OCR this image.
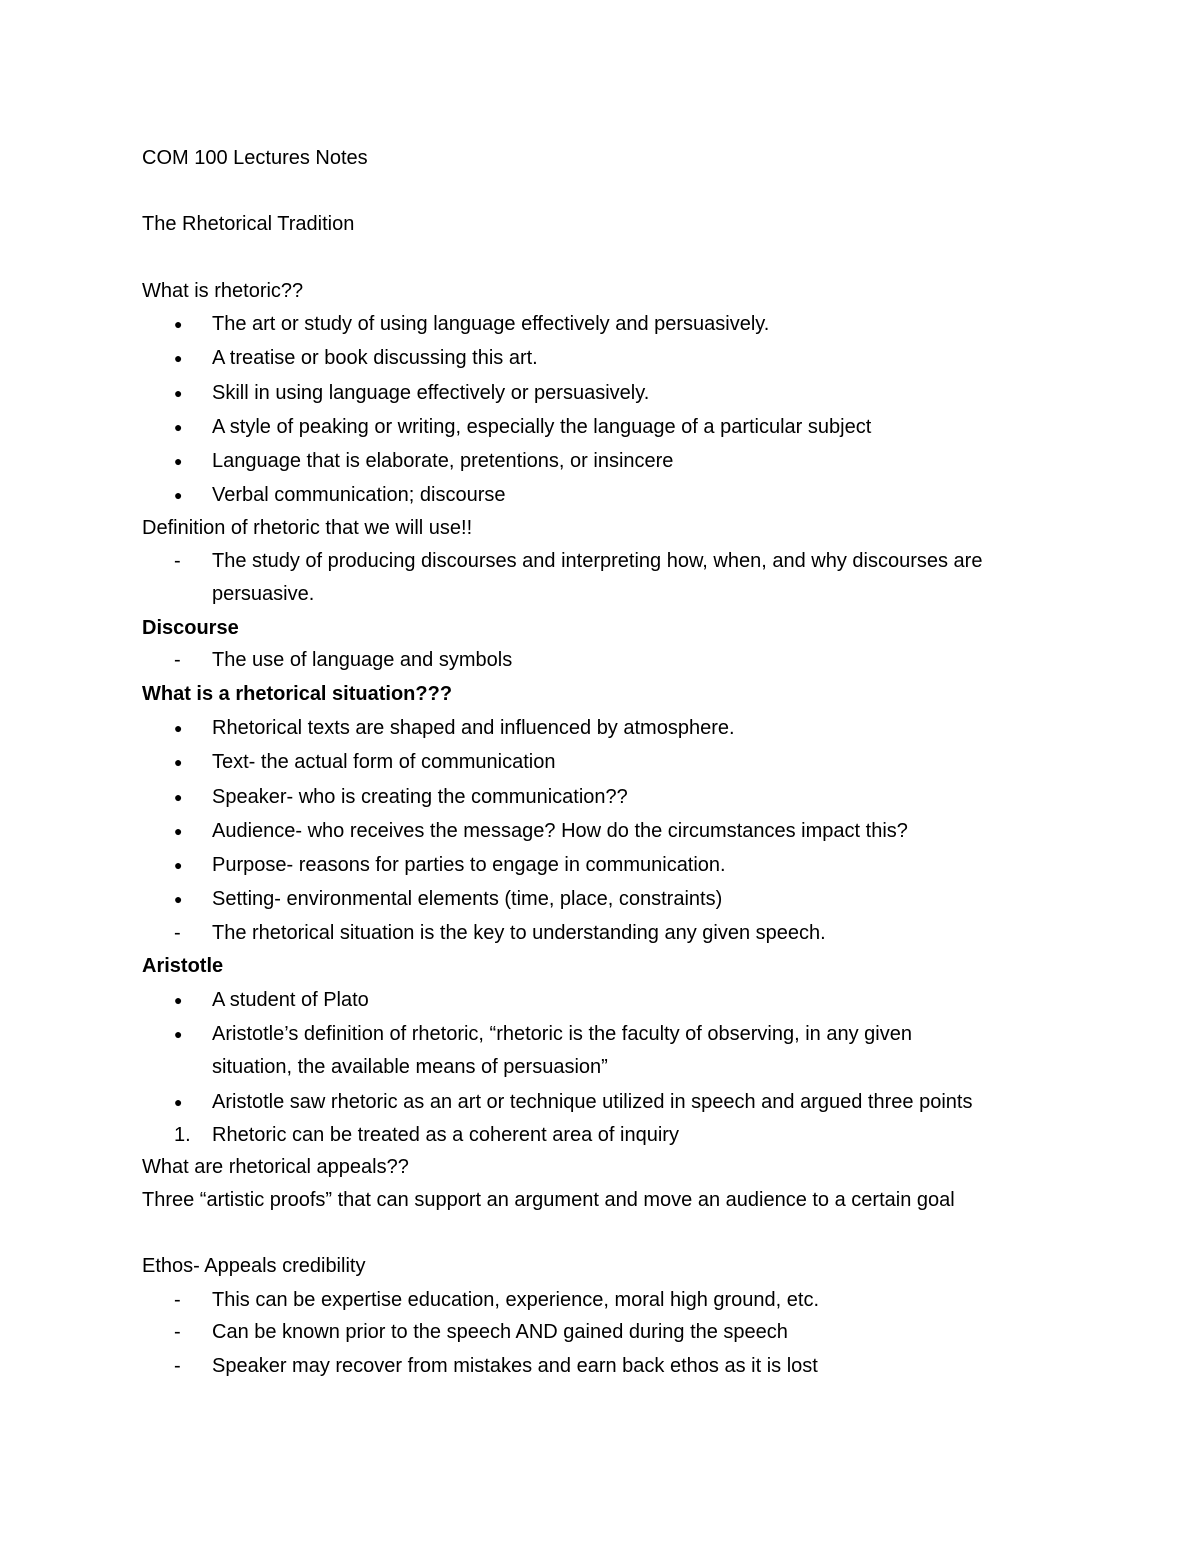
COM 100 Lectures Notes
The Rhetorical Tradition
What is rhetoric??
●	The art or study of using language effectively and persuasively.
●	A treatise or book discussing this art.
●	Skill in using language effectively or persuasively.
●	A style of peaking or writing, especially the language of a particular subject
●	Language that is elaborate, pretentions, or insincere
●	Verbal communication; discourse
Definition of rhetoric that we will use!!
-	The study of producing discourses and interpreting how, when, and why discourses are
persuasive.
Discourse
-	The use of language and symbols
What is a rhetorical situation???
●	Rhetorical texts are shaped and influenced by atmosphere.
●	Text- the actual form of communication
●	Speaker- who is creating the communication??
●	Audience- who receives the message? How do the circumstances impact this?
●	Purpose- reasons for parties to engage in communication.
●	Setting- environmental elements (time, place, constraints)
-	The rhetorical situation is the key to understanding any given speech.
Aristotle
●	A student of Plato
●	Aristotle’s definition of rhetoric, “rhetoric is the faculty of observing, in any given
situation, the available means of persuasion”
●	Aristotle saw rhetoric as an art or technique utilized in speech and argued three points
1.	Rhetoric can be treated as a coherent area of inquiry
What are rhetorical appeals??
Three “artistic proofs” that can support an argument and move an audience to a certain goal
Ethos- Appeals credibility
-	This can be expertise education, experience, moral high ground, etc.
-	Can be known prior to the speech AND gained during the speech
-	Speaker may recover from mistakes and earn back ethos as it is lost
